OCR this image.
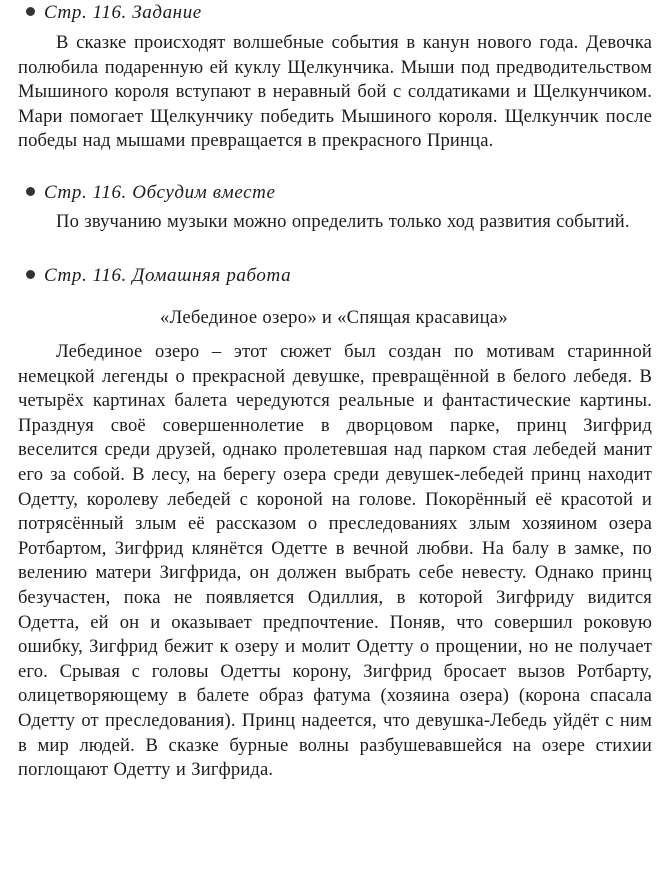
Стр. 116. Задание

В сказке происходят волшебные события в канун нового года. Девочка полюбила подаренную ей куклу Щелкунчика. Мыши под предводительством Мышиного короля вступают в неравный бой с солдатиками и Щелкунчиком. Мари помогает Щелкунчику победить Мышиного короля. Щелкунчик после победы над мышами превращается в прекрасного Принца.

Стр. 116. Обсудим вместе

По звучанию музыки можно определить только ход развития событий.

Стр. 116. Домашняя работа
«Лебединое озеро» и «Спящая красавица»

Лебединое озеро – этот сюжет был создан по мотивам старинной немецкой легенды о прекрасной девушке, превращённой в белого лебедя. В четырёх картинах балета чередуются реальные и фантастические картины. Празднуя своё совершеннолетие в дворцовом парке, принц Зигфрид веселится среди друзей, однако пролетевшая над парком стая лебедей манит его за собой. В лесу, на берегу озера среди девушек-лебедей принц находит Одетту, королеву лебедей с короной на голове. Покорённый её красотой и потрясённый злым её рассказом о преследованиях злым хозяином озера Ротбартом, Зигфрид клянётся Одетте в вечной любви. На балу в замке, по велению матери Зигфрида, он должен выбрать себе невесту. Однако принц безучастен, пока не появляется Одиллия, в которой Зигфриду видится Одетта, ей он и оказывает предпочтение. Поняв, что совершил роковую ошибку, Зигфрид бежит к озеру и молит Одетту о прощении, но не получает его. Срывая с головы Одетты корону, Зигфрид бросает вызов Ротбарту, олицетворяющему в балете образ фатума (хозяина озера) (корона спасала Одетту от преследования). Принц надеется, что девушка-Лебедь уйдёт с ним в мир людей. В сказке бурные волны разбушевавшейся на озере стихии поглощают Одетту и Зигфрида.
